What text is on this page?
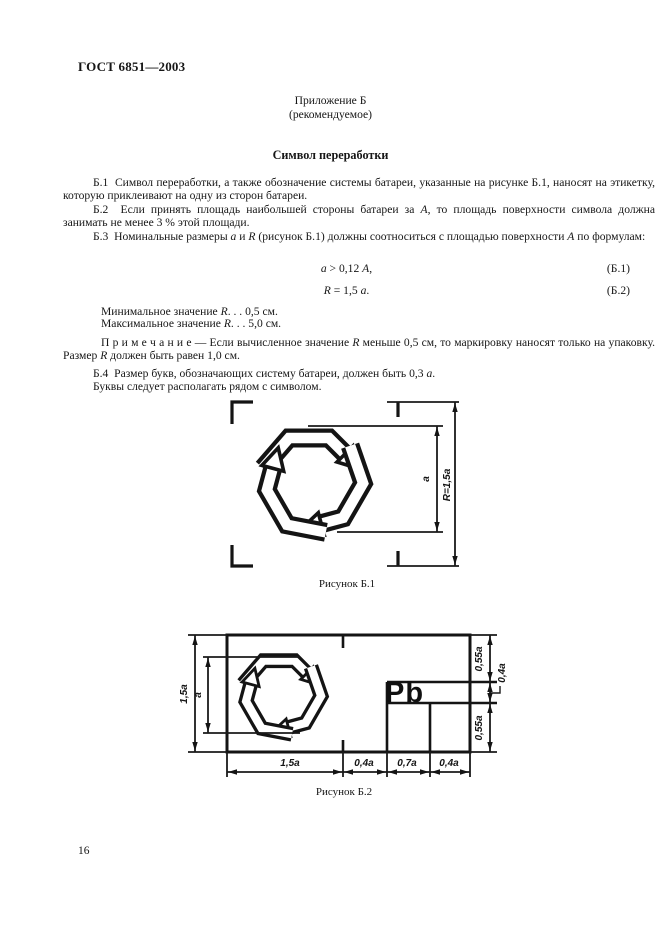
ГОСТ 6851—2003
Приложение Б
(рекомендуемое)
Символ переработки
Б.1  Символ переработки, а также обозначение системы батареи, указанные на рисунке Б.1, наносят на этикетку, которую приклеивают на одну из сторон батареи.
Б.2  Если принять площадь наибольшей стороны батареи за А, то площадь поверхности символа должна занимать не менее 3 % этой площади.
Б.3  Номинальные размеры а и R (рисунок Б.1) должны соотноситься с площадью поверхности А по формулам:
a > 0,12 A,	(Б.1)
R = 1,5 a.	(Б.2)
Минимальное значение R. . . 0,5 см.
Максимальное значение R. . . 5,0 см.
П р и м е ч а н и е — Если вычисленное значение R меньше 0,5 см, то маркировку наносят только на упаковку. Размер R должен быть равен 1,0 см.
Б.4  Размер букв, обозначающих систему батареи, должен быть 0,3 а.
Буквы следует располагать рядом с символом.
a R=1,5a
Рисунок Б.1
Pb
1,5a a
0,55a
0,4a
0,55a
1,5a	0,4a 0,7a 0,4a
Рисунок Б.2
16
